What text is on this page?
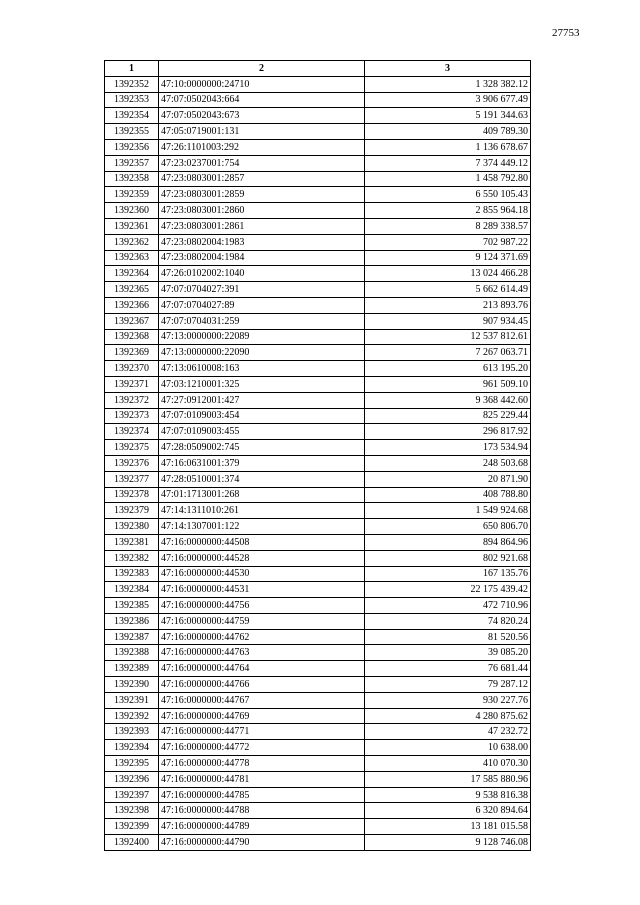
27753
1	2	3
1392352	47:10:0000000:24710	1 328 382.12
1392353	47:07:0502043:664	3 906 677.49
1392354	47:07:0502043:673	5 191 344.63
1392355	47:05:0719001:131	409 789.30
1392356	47:26:1101003:292	1 136 678.67
1392357	47:23:0237001:754	7 374 449.12
1392358	47:23:0803001:2857	1 458 792.80
1392359	47:23:0803001:2859	6 550 105.43
1392360	47:23:0803001:2860	2 855 964.18
1392361	47:23:0803001:2861	8 289 338.57
1392362	47:23:0802004:1983	702 987.22
1392363	47:23:0802004:1984	9 124 371.69
1392364	47:26:0102002:1040	13 024 466.28
1392365	47:07:0704027:391	5 662 614.49
1392366	47:07:0704027:89	213 893.76
1392367	47:07:0704031:259	907 934.45
1392368	47:13:0000000:22089	12 537 812.61
1392369	47:13:0000000:22090	7 267 063.71
1392370	47:13:0610008:163	613 195.20
1392371	47:03:1210001:325	961 509.10
1392372	47:27:0912001:427	9 368 442.60
1392373	47:07:0109003:454	825 229.44
1392374	47:07:0109003:455	296 817.92
1392375	47:28:0509002:745	173 534.94
1392376	47:16:0631001:379	248 503.68
1392377	47:28:0510001:374	20 871.90
1392378	47:01:1713001:268	408 788.80
1392379	47:14:1311010:261	1 549 924.68
1392380	47:14:1307001:122	650 806.70
1392381	47:16:0000000:44508	894 864.96
1392382	47:16:0000000:44528	802 921.68
1392383	47:16:0000000:44530	167 135.76
1392384	47:16:0000000:44531	22 175 439.42
1392385	47:16:0000000:44756	472 710.96
1392386	47:16:0000000:44759	74 820.24
1392387	47:16:0000000:44762	81 520.56
1392388	47:16:0000000:44763	39 085.20
1392389	47:16:0000000:44764	76 681.44
1392390	47:16:0000000:44766	79 287.12
1392391	47:16:0000000:44767	930 227.76
1392392	47:16:0000000:44769	4 280 875.62
1392393	47:16:0000000:44771	47 232.72
1392394	47:16:0000000:44772	10 638.00
1392395	47:16:0000000:44778	410 070.30
1392396	47:16:0000000:44781	17 585 880.96
1392397	47:16:0000000:44785	9 538 816.38
1392398	47:16:0000000:44788	6 320 894.64
1392399	47:16:0000000:44789	13 181 015.58
1392400	47:16:0000000:44790	9 128 746.08
